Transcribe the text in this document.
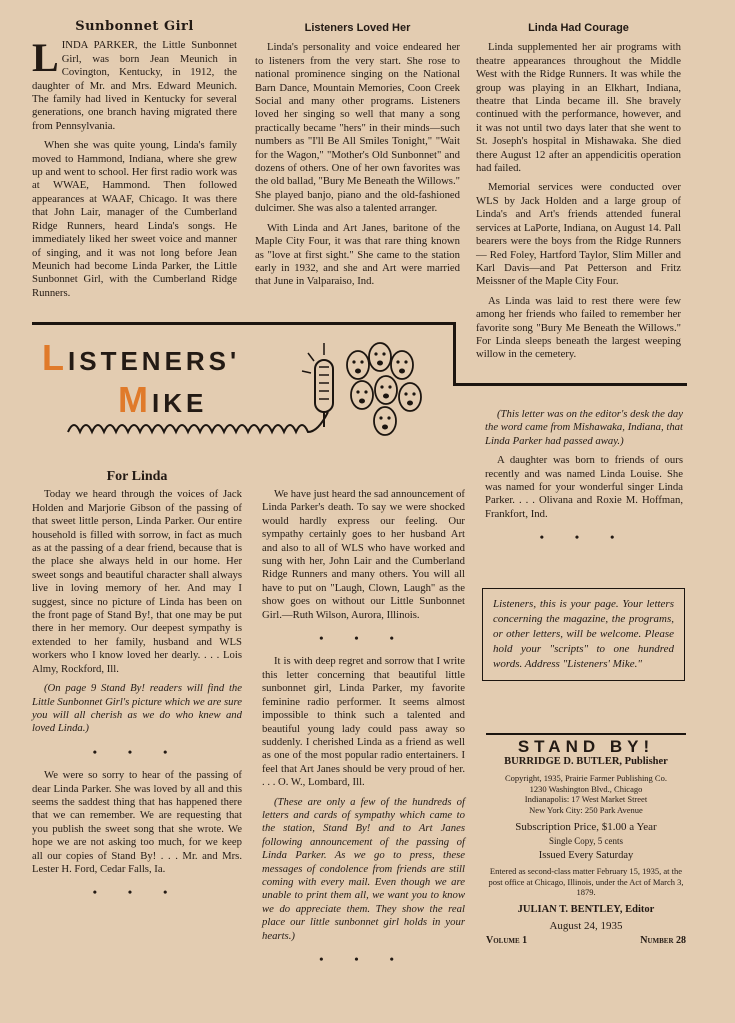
Sunbonnet Girl

LINDA PARKER, the Little Sunbonnet Girl, was born Jean Meunich in Covington, Kentucky, in 1912, the daughter of Mr. and Mrs. Edward Meunich. The family had lived in Kentucky for several generations, one branch having migrated there from Pennsylvania.

When she was quite young, Linda's family moved to Hammond, Indiana, where she grew up and went to school. Her first radio work was at WWAE, Hammond. Then followed appearances at WAAF, Chicago. It was there that John Lair, manager of the Cumberland Ridge Runners, heard Linda's songs. He immediately liked her sweet voice and manner of singing, and it was not long before Jean Meunich had become Linda Parker, the Little Sunbonnet Girl, with the Cumberland Ridge Runners.

Listeners Loved Her

Linda's personality and voice endeared her to listeners from the very start. She rose to national prominence singing on the National Barn Dance, Mountain Memories, Coon Creek Social and many other programs. Listeners loved her singing so well that many a song practically became "hers" in their minds—such numbers as "I'll Be All Smiles Tonight," "Wait for the Wagon," "Mother's Old Sunbonnet" and dozens of others. One of her own favorites was the old ballad, "Bury Me Beneath the Willows." She played banjo, piano and the old-fashioned dulcimer. She was also a talented arranger.

With Linda and Art Janes, baritone of the Maple City Four, it was that rare thing known as "love at first sight." She came to the station early in 1932, and she and Art were married that June in Valparaiso, Ind.

Linda Had Courage

Linda supplemented her air programs with theatre appearances throughout the Middle West with the Ridge Runners. It was while the group was playing in an Elkhart, Indiana, theatre that Linda became ill. She bravely continued with the performance, however, and it was not until two days later that she went to St. Joseph's hospital in Mishawaka. She died there August 12 after an appendicitis operation had failed.

Memorial services were conducted over WLS by Jack Holden and a large group of Linda's and Art's friends attended funeral services at LaPorte, Indiana, on August 14. Pall bearers were the boys from the Ridge Runners — Red Foley, Hartford Taylor, Slim Miller and Karl Davis—and Pat Petterson and Fritz Meissner of the Maple City Four.

As Linda was laid to rest there were few among her friends who failed to remember her favorite song "Bury Me Beneath the Willows." For Linda sleeps beneath the largest weeping willow in the cemetery.

LISTENERS'
MIKE
For Linda

Today we heard through the voices of Jack Holden and Marjorie Gibson of the passing of that sweet little person, Linda Parker. Our entire household is filled with sorrow, in fact as much as at the passing of a dear friend, because that is the place she always held in our home. Her sweet songs and beautiful character shall always live in loving memory of her. And may I suggest, since no picture of Linda has been on the front page of Stand By!, that one may be put there in her memory. Our deepest sympathy is extended to her family, husband and WLS workers who I know loved her dearly. . . . Lois Almy, Rockford, Ill.

(On page 9 Stand By! readers will find the Little Sunbonnet Girl's picture which we are sure you will all cherish as we do who knew and loved Linda.)

• • •

We were so sorry to hear of the passing of dear Linda Parker. She was loved by all and this seems the saddest thing that has happened there that we can remember. We are requesting that you publish the sweet song that she wrote. We hope we are not asking too much, for we keep all our copies of Stand By! . . . Mr. and Mrs. Lester H. Ford, Cedar Falls, Ia.

• • •

We have just heard the sad announcement of Linda Parker's death. To say we were shocked would hardly express our feeling. Our sympathy certainly goes to her husband Art and also to all of WLS who have worked and sung with her, John Lair and the Cumberland Ridge Runners and many others. You will all have to put on "Laugh, Clown, Laugh" as the show goes on without our Little Sunbonnet Girl.—Ruth Wilson, Aurora, Illinois.

• • •

It is with deep regret and sorrow that I write this letter concerning that beautiful little sunbonnet girl, Linda Parker, my favorite feminine radio performer. It seems almost impossible to think such a talented and beautiful young lady could pass away so suddenly. I cherished Linda as a friend as well as one of the most popular radio entertainers. I feel that Art Janes should be very proud of her. . . . O. W., Lombard, Ill.

(These are only a few of the hundreds of letters and cards of sympathy which came to the station, Stand By! and to Art Janes following announcement of the passing of Linda Parker. As we go to press, these messages of condolence from friends are still coming with every mail. Even though we are unable to print them all, we want you to know we do appreciate them. They show the real place our little sunbonnet girl holds in your hearts.)

• • •

(This letter was on the editor's desk the day the word came from Mishawaka, Indiana, that Linda Parker had passed away.)

A daughter was born to friends of ours recently and was named Linda Louise. She was named for your wonderful singer Linda Parker. . . . Olivana and Roxie M. Hoffman, Frankfort, Ind.

• • •
Listeners, this is your page. Your letters concerning the magazine, the programs, or other letters, will be welcome. Please hold your "scripts" to one hundred words. Address "Listeners' Mike."
STAND BY!
BURRIDGE D. BUTLER, Publisher
Copyright, 1935, Prairie Farmer Publishing Co.
1230 Washington Blvd., Chicago
Indianapolis: 17 West Market Street
New York City: 250 Park Avenue
Subscription Price, $1.00 a Year
Single Copy, 5 cents
Issued Every Saturday
Entered as second-class matter February 15, 1935, at the post office at Chicago, Illinois, under the Act of March 3, 1879.
JULIAN T. BENTLEY, Editor
August 24, 1935
Volume 1	Number 28
